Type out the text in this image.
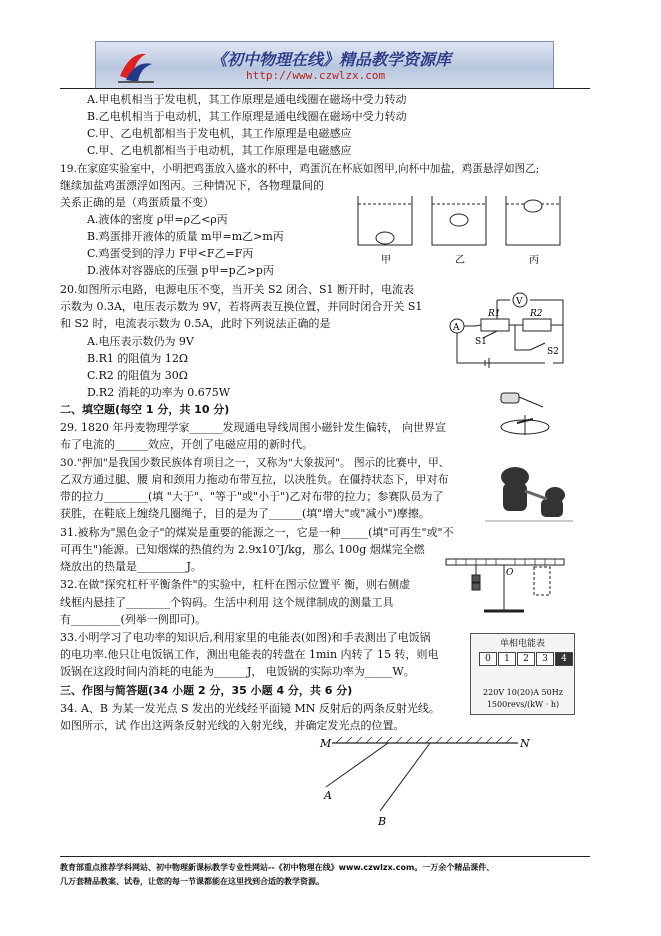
《初中物理在线》精品教学资源库
http://www.czwlzx.com
A.甲电机相当于发电机，其工作原理是通电线圈在磁场中受力转动
B.乙电机相当于电动机，其工作原理是通电线圈在磁场中受力转动
C.甲、乙电机都相当于发电机，其工作原理是电磁感应
C.甲、乙电机都相当于电动机，其工作原理是电磁感应
19.在家庭实验室中，小明把鸡蛋放入盛水的杯中，鸡蛋沉在杯底如图甲,向杯中加盐，鸡蛋悬浮如图乙;
继续加盐鸡蛋漂浮如图丙。三种情况下，各物理量间的
关系正确的是（鸡蛋质量不变）
A.液体的密度 ρ甲=ρ乙<ρ丙
B.鸡蛋排开液体的质量 m甲=m乙>m丙
C.鸡蛋受到的浮力 F甲<F乙=F丙
D.液体对容器底的压强 p甲=p乙>p丙
20.如图所示电路，电源电压不变，当开关 S2 闭合、S1 断开时，电流表
示数为 0.3A，电压表示数为 9V，若将两表互换位置，并同时闭合开关 S1
和 S2 时，电流表示数为 0.5A，此时下列说法正确的是
A.电压表示数仍为 9V
B.R1 的阻值为 12Ω
C.R2 的阻值为 30Ω
D.R2 消耗的功率为 0.675W
二、填空题(每空 1 分，共 10 分)
29. 1820 年丹麦物理学家______发现通电导线周围小磁针发生偏转， 向世界宣
布了电流的______效应，开创了电磁应用的新时代。
30."押加"是我国少数民族体育项目之一，又称为"大象拔河"。 图示的比赛中，甲、
乙双方通过腿、腰 肩和颈用力拖动布带互拉，以决胜负。在僵持状态下，甲对布
带的拉力________(填 "大于"、"等于"或"小于")乙对布带的拉力；参赛队员为了
获胜，在鞋底上缠绕几圈绳子，目的是为了______(填"增大"或"减小")摩擦。
31.被称为"黑色金子"的煤炭是重要的能源之一，它是一种_____(填"可再生"或"不
可再生")能源。已知烟煤的热值约为 2.9x10⁷J/kg，那么 100g 烟煤完全燃
烧放出的热量是_________J。
32.在做"探究杠杆平衡条件"的实验中，杠杆在图示位置平 衡，则右侧虚
线框内悬挂了________个钩码。生活中利用 这个规律制成的测量工具
有_________(列举一例即可)。
33.小明学习了电功率的知识后,利用家里的电能表(如图)和手表测出了电饭锅
的电功率.他只让电饭锅工作，测出电能表的转盘在 1min 内转了 15 转，则电
饭锅在这段时间内消耗的电能为______J， 电饭锅的实际功率为_____W。
三、作图与简答题(34 小题 2 分，35 小题 4 分，共 6 分)
34. A、B 为某一发光点 S 发出的光线经平面镜 MN 反射后的两条反射光线。
如图所示，试 作出这两条反射光线的入射光线，并确定发光点的位置。
甲	乙	丙
A
V
R1	R2
S1
S2
O
单相电能表
0	1	2	3	4
220V 10(20)A 50Hz
1500revs/(kW · h)
M	N
A
B
教育部重点推荐学科网站、初中物理新课标教学专业性网站--《初中物理在线》www.czwlzx.com。一万余个精品课件、
几万套精品教案、试卷，让您的每一节课都能在这里找到合适的教学资源。
